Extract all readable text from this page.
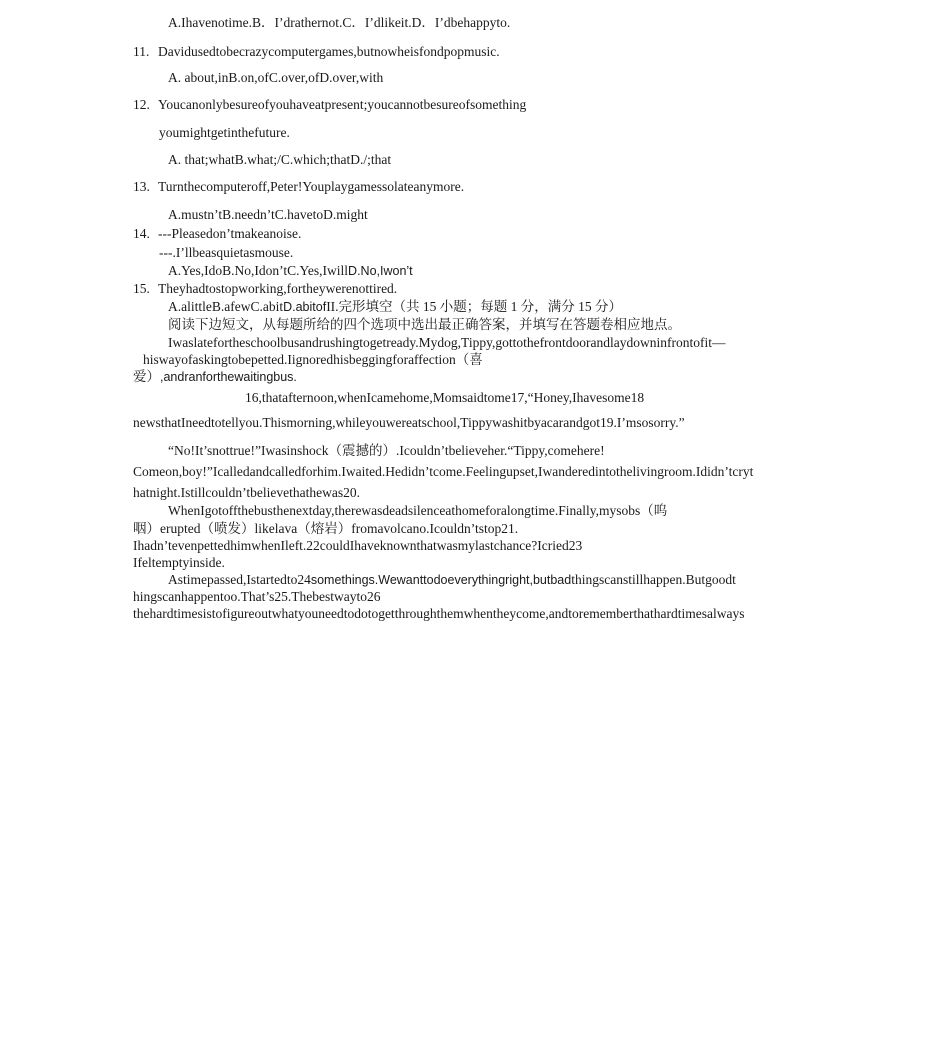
A.Ihavenotime.B．I’drathernot.C．I’dlikeit.D．I’dbehappyto.
11. Davidusedtobecrazycomputergames,butnowheisfondpopmusic.
A. about,inB.on,ofC.over,ofD.over,with
12. Youcanonlybesureofyouhaveatpresent;youcannotbesureofsomething
youmightgetinthefuture.
A. that;whatB.what;/C.which;thatD./;that
13. Turnthecomputeroff,Peter!Youplaygamessolateanymore.
A.mustn’tB.needn’tC.havetoD.might
14. ---Pleasedon’tmakeanoise.
---.I’llbeasquietasmouse.
A.Yes,IdoB.No,Idon’tC.Yes,IwillD.No,Iwon’t
15. Theyhadtostopworking,fortheywerenottired.
A.alittleB.afewC.abitD.abitofII.完形填空（共 15 小题；每题 1 分，满分 15 分）
阅读下边短文，从每题所给的四个选项中选出最正确答案，并填写在答题卷相应地点。
Iwaslatefortheschoolbusandrushingtogetready.Mydog,Tippy,gottothefrontdoorandlaydowninfrontofit—
hiswayofaskingtobepetted.Iignoredhisbeggingforaffection（喜
爱）,andranforthewaitingbus.
16,thatafternoon,whenIcamehome,Momsaidtome17,“Honey,Ihavesome18
newsthatIneedtotellyou.Thismorning,whileyouwereatschool,Tippywashitbyacarandgot19.I’msosorry.”
“No!It’snottrue!”Iwasinshock（震撼的）.Icouldn’tbelieveher.“Tippy,comehere!
Comeon,boy!”Icalledandcalledforhim.Iwaited.Hedidn’tcome.Feelingupset,Iwanderedintothelivingroom.Ididn’tcryt
hatnight.Istillcouldn’tbelievethathewas20.
WhenIgotoffthebusthenextday,therewasdeadsilenceathomeforalongtime.Finally,mysobs（呜
咽）erupted（喷发）likelava（熔岩）fromavolcano.Icouldn’tstop21.
Ihadn’tevenpettedhimwhenIleft.22couldIhaveknownthatwasmylastchance?Icried23
Ifeltemptyinside.
Astimepassed,Istartedto24somethings.Wewanttodoeverythingright,butbadthingscanstillhappen.Butgoodt
hingscanhappentoo.That’s25.Thebestwayto26
thehardtimesistofigureoutwhatyouneedtodotogetthroughthemwhentheycome,andtorememberthathardtimesalways
